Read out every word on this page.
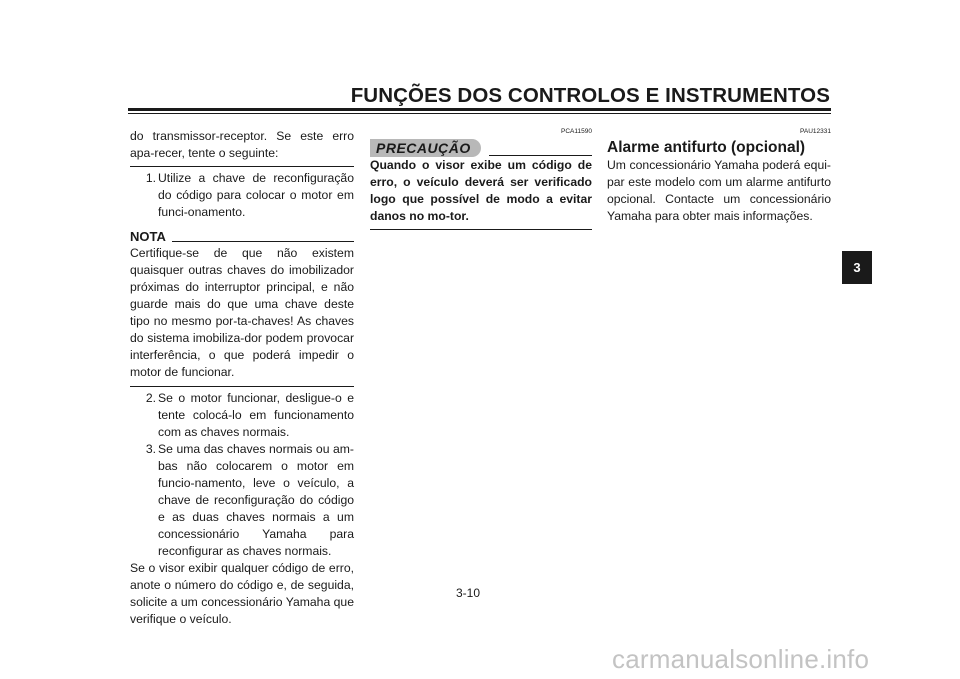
FUNÇÕES DOS CONTROLOS E INSTRUMENTOS

do transmissor-receptor. Se este erro apa-recer, tente o seguinte:

1. Utilize a chave de reconfiguração do código para colocar o motor em funci-onamento.

NOTA

Certifique-se de que não existem quaisquer outras chaves do imobilizador próximas do interruptor principal, e não guarde mais do que uma chave deste tipo no mesmo por-ta-chaves! As chaves do sistema imobiliza-dor podem provocar interferência, o que poderá impedir o motor de funcionar.

2. Se o motor funcionar, desligue-o e tente colocá-lo em funcionamento com as chaves normais.

3. Se uma das chaves normais ou am-bas não colocarem o motor em funcio-namento, leve o veículo, a chave de reconfiguração do código e as duas chaves normais a um concessionário Yamaha para reconfigurar as chaves normais.

Se o visor exibir qualquer código de erro, anote o número do código e, de seguida, solicite a um concessionário Yamaha que verifique o veículo.

PCA11590
PRECAUÇÃO

Quando o visor exibe um código de erro, o veículo deverá ser verificado logo que possível de modo a evitar danos no mo-tor.

PAU12331
Alarme antifurto (opcional)

Um concessionário Yamaha poderá equi-par este modelo com um alarme antifurto opcional. Contacte um concessionário Yamaha para obter mais informações.

3
3-10
carmanualsonline.info
